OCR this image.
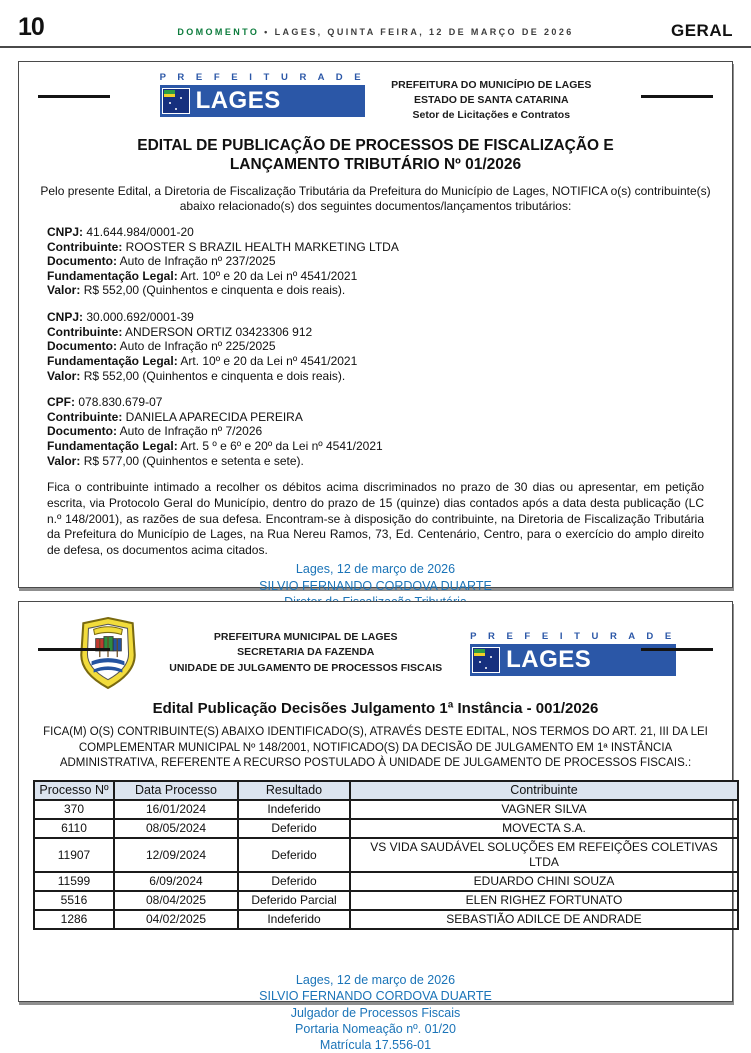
10	DOMOMENTO • LAGES, QUINTA FEIRA, 12 DE MARÇO DE 2026	GERAL
P R E F E I T U R A D E
LAGES
PREFEITURA DO MUNICÍPIO DE LAGES
ESTADO DE SANTA CATARINA
Setor de Licitações e Contratos
EDITAL DE PUBLICAÇÃO DE PROCESSOS DE FISCALIZAÇÃO E LANÇAMENTO TRIBUTÁRIO Nº 01/2026

Pelo presente Edital, a Diretoria de Fiscalização Tributária da Prefeitura do Município de Lages, NOTIFICA o(s) contribuinte(s) abaixo relacionado(s) dos seguintes documentos/lançamentos tributários:

CNPJ: 41.644.984/0001-20
Contribuinte: ROOSTER S BRAZIL HEALTH MARKETING LTDA
Documento: Auto de Infração nº 237/2025
Fundamentação Legal: Art. 10º e 20 da Lei nº 4541/2021
Valor: R$ 552,00 (Quinhentos e cinquenta e dois reais).
CNPJ: 30.000.692/0001-39
Contribuinte: ANDERSON ORTIZ 03423306 912
Documento: Auto de Infração nº 225/2025
Fundamentação Legal: Art. 10º e 20 da Lei nº 4541/2021
Valor: R$ 552,00 (Quinhentos e cinquenta e dois reais).
CPF: 078.830.679-07
Contribuinte: DANIELA APARECIDA PEREIRA
Documento: Auto de Infração nº 7/2026
Fundamentação Legal: Art. 5 º e 6º e 20º da Lei nº 4541/2021
Valor: R$ 577,00 (Quinhentos e setenta e sete).

Fica o contribuinte intimado a recolher os débitos acima discriminados no prazo de 30 dias ou apresentar, em petição escrita, via Protocolo Geral do Município, dentro do prazo de 15 (quinze) dias contados após a data desta publicação (LC n.º 148/2001), as razões de sua defesa. Encontram-se à disposição do contribuinte, na Diretoria de Fiscalização Tributária da Prefeitura do Município de Lages, na Rua Nereu Ramos, 73, Ed. Centenário, Centro, para o exercício do amplo direito de defesa, os documentos acima citados.

Lages, 12 de março de 2026
SILVIO FERNANDO CORDOVA DUARTE
PREFEITURA MUNICIPAL DE LAGES
SECRETARIA DA FAZENDA
UNIDADE DE JULGAMENTO DE PROCESSOS FISCAIS
P R E F E I T U R A D E
LAGES
Edital Publicação Decisões Julgamento 1ª Instância - 001/2026

FICA(M) O(S) CONTRIBUINTE(S) ABAIXO IDENTIFICADO(S), ATRAVÉS DESTE EDITAL, NOS TERMOS DO ART. 21, III DA LEI COMPLEMENTAR MUNICIPAL Nº 148/2001, NOTIFICADO(S) DA DECISÃO DE JULGAMENTO EM 1ª INSTÂNCIA ADMINISTRATIVA, REFERENTE A RECURSO POSTULADO À UNIDADE DE JULGAMENTO DE PROCESSOS FISCAIS.:

Processo Nº	Data Processo	Resultado	Contribuinte
370	16/01/2024	Indeferido	VAGNER SILVA
6110	08/05/2024	Deferido	MOVECTA S.A.
11907	12/09/2024	Deferido	VS VIDA SAUDÁVEL SOLUÇÕES EM REFEIÇÕES COLETIVAS LTDA
11599	6/09/2024	Deferido	EDUARDO CHINI SOUZA
5516	08/04/2025	Deferido Parcial	ELEN RIGHEZ FORTUNATO
1286	04/02/2025	Indeferido	SEBASTIÃO ADILCE DE ANDRADE
Lages, 12 de março de 2026
SILVIO FERNANDO CORDOVA DUARTE
Julgador de Processos Fiscais
Portaria Nomeação nº. 01/20
Matrícula 17.556-01
